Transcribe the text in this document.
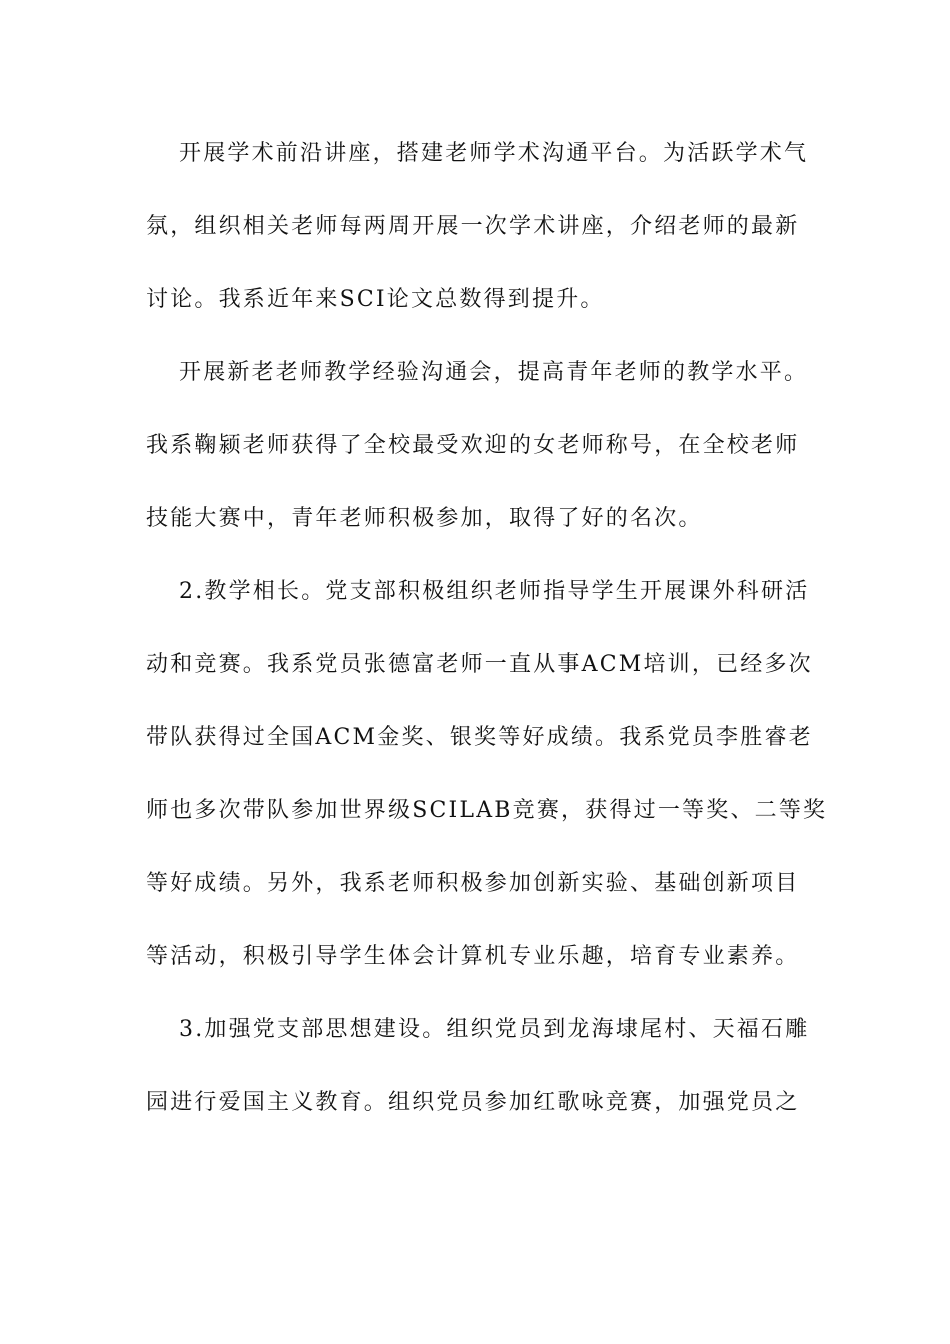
开展学术前沿讲座，搭建老师学术沟通平台。为活跃学术气
氛，组织相关老师每两周开展一次学术讲座，介绍老师的最新
讨论。我系近年来SCI论文总数得到提升。
开展新老老师教学经验沟通会，提高青年老师的教学水平。
我系鞠颍老师获得了全校最受欢迎的女老师称号，在全校老师
技能大赛中，青年老师积极参加，取得了好的名次。
2.教学相长。党支部积极组织老师指导学生开展课外科研活
动和竞赛。我系党员张德富老师一直从事ACM培训，已经多次
带队获得过全国ACM金奖、银奖等好成绩。我系党员李胜睿老
师也多次带队参加世界级SCILAB竞赛，获得过一等奖、二等奖
等好成绩。另外，我系老师积极参加创新实验、基础创新项目
等活动，积极引导学生体会计算机专业乐趣，培育专业素养。
3.加强党支部思想建设。组织党员到龙海埭尾村、天福石雕
园进行爱国主义教育。组织党员参加红歌咏竞赛，加强党员之
